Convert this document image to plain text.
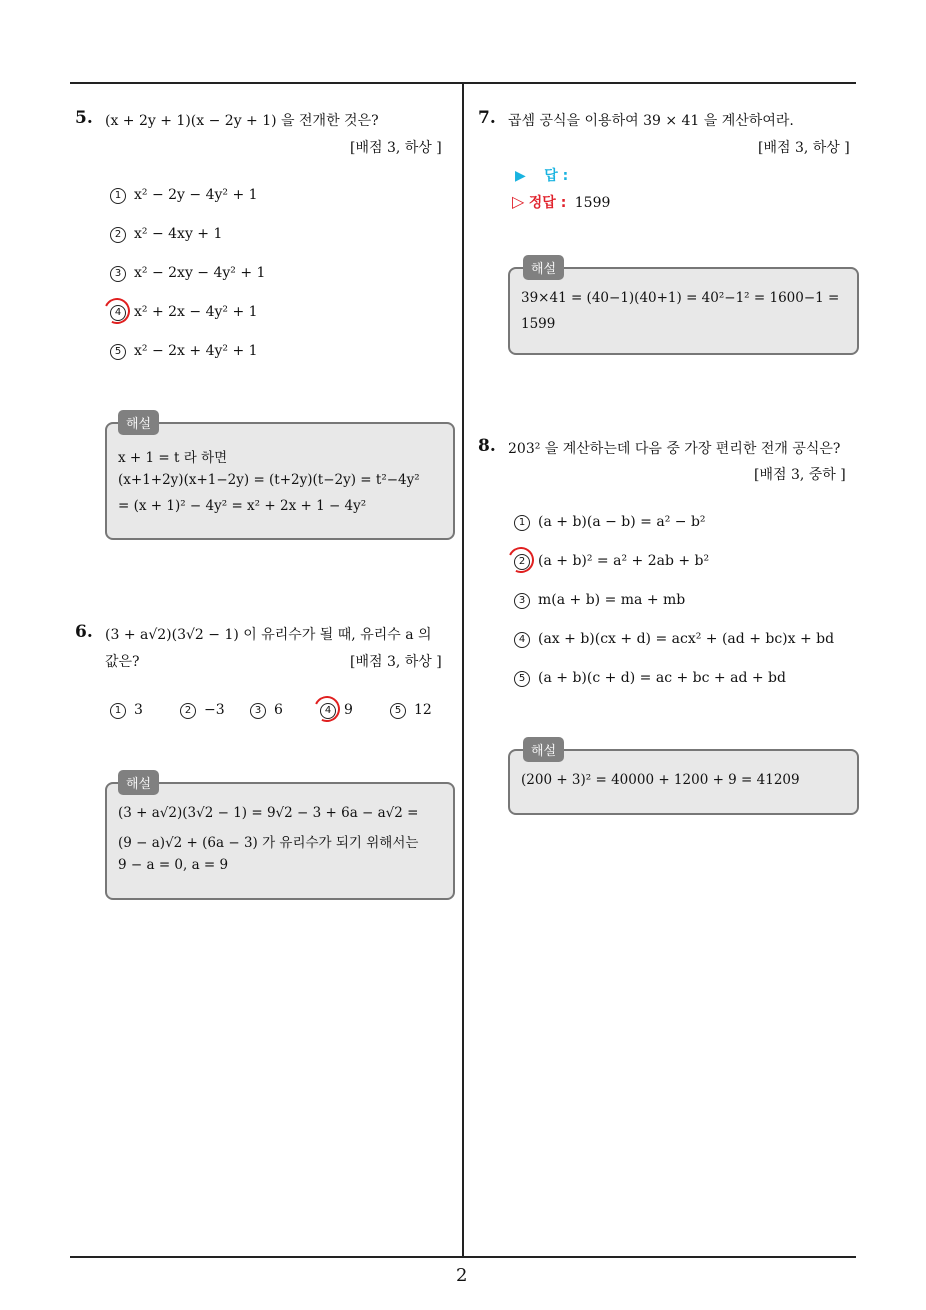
2
5. (x + 2y + 1)(x − 2y + 1) 을 전개한 것은?
[배점 3, 하상 ]
1 x² − 2y − 4y² + 1
2 x² − 4xy + 1
3 x² − 2xy − 4y² + 1
4 x² + 2x − 4y² + 1
5 x² − 2x + 4y² + 1
해설
x + 1 = t 라 하면
(x+1+2y)(x+1−2y) = (t+2y)(t−2y) = t²−4y²
= (x + 1)² − 4y² = x² + 2x + 1 − 4y²
6. (3 + a√2)(3√2 − 1) 이 유리수가 될 때, 유리수 a 의
값은?	[배점 3, 하상 ]
1 3	2 −3	3 6	4 9	5 12
해설
(3 + a√2)(3√2 − 1) = 9√2 − 3 + 6a − a√2 =
(9 − a)√2 + (6a − 3) 가 유리수가 되기 위해서는
9 − a = 0, a = 9
7. 곱셈 공식을 이용하여 39 × 41 을 계산하여라.
[배점 3, 하상 ]
▶ 답 :
▷ 정답 : 1599
해설
39×41 = (40−1)(40+1) = 40²−1² = 1600−1 =
1599
8. 203² 을 계산하는데 다음 중 가장 편리한 전개 공식은?
[배점 3, 중하 ]
1 (a + b)(a − b) = a² − b²
2 (a + b)² = a² + 2ab + b²
3 m(a + b) = ma + mb
4 (ax + b)(cx + d) = acx² + (ad + bc)x + bd
5 (a + b)(c + d) = ac + bc + ad + bd
해설
(200 + 3)² = 40000 + 1200 + 9 = 41209
